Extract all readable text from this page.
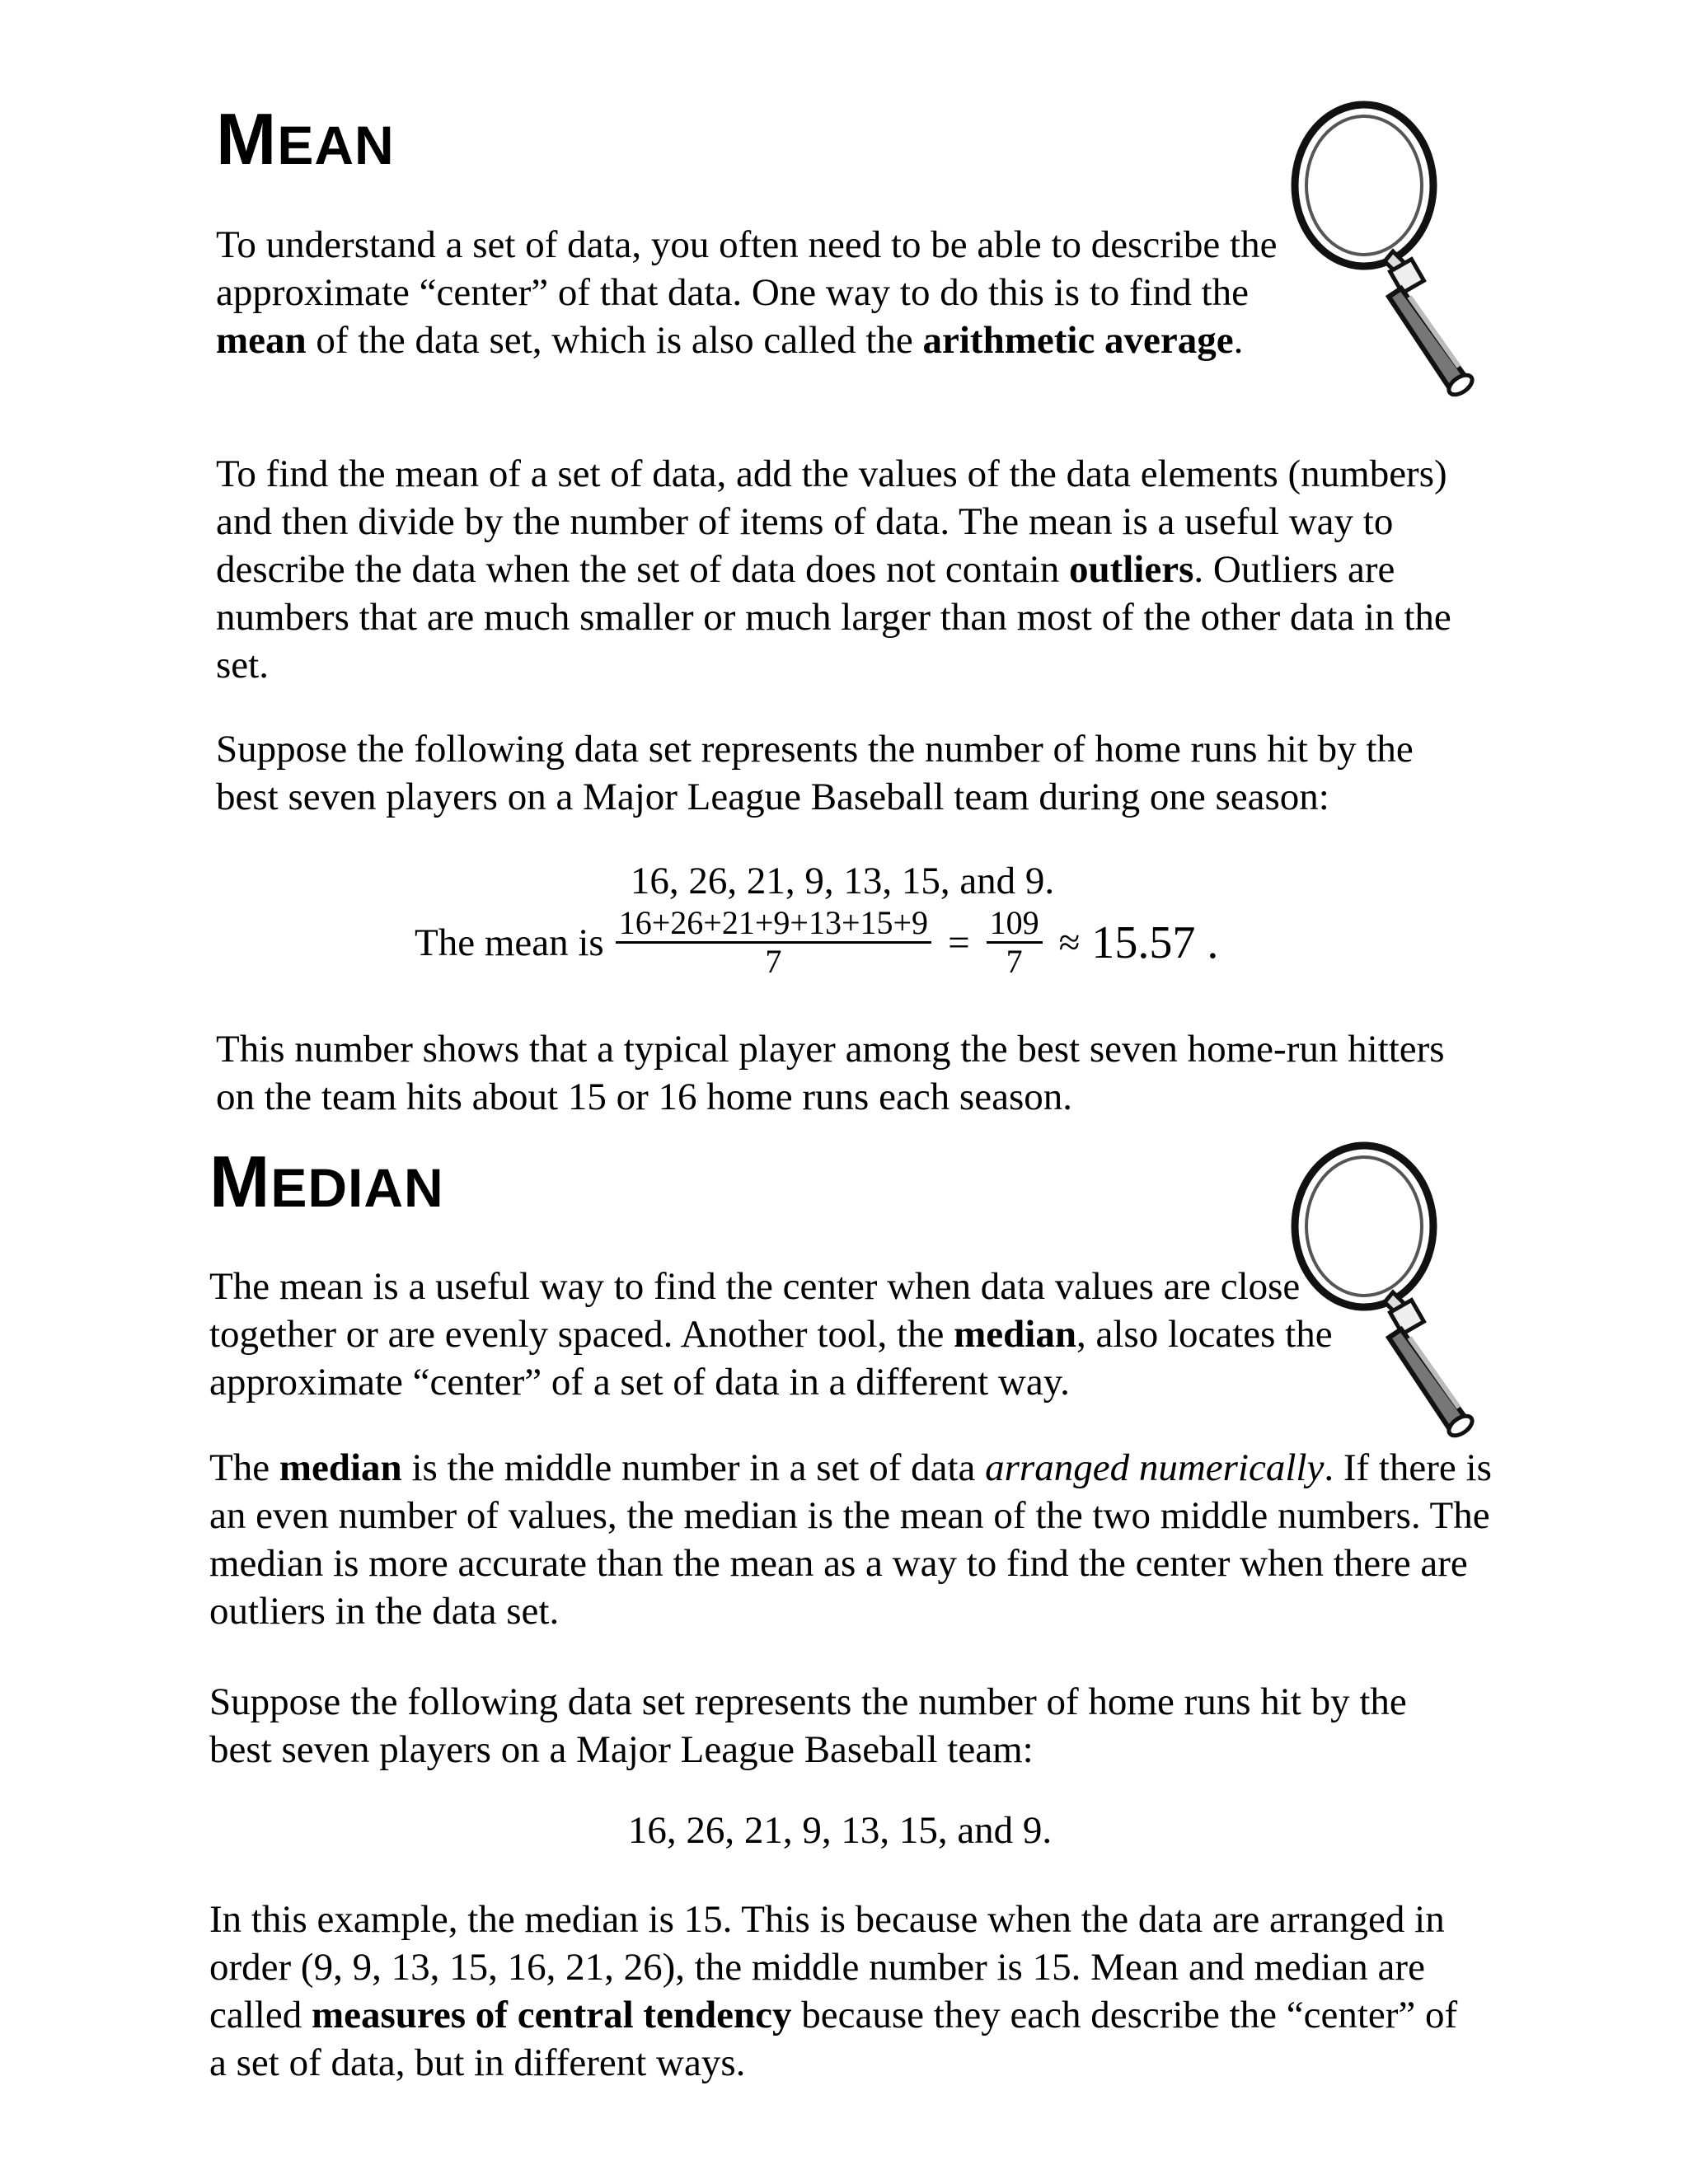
MEAN

To understand a set of data, you often need to be able to describe the approximate “center” of that data. One way to do this is to find the mean of the data set, which is also called the arithmetic average.

To find the mean of a set of data, add the values of the data elements (numbers) and then divide by the number of items of data. The mean is a useful way to describe the data when the set of data does not contain outliers. Outliers are numbers that are much smaller or much larger than most of the other data in the set.

Suppose the following data set represents the number of home runs hit by the best seven players on a Major League Baseball team during one season:

16, 26, 21, 9, 13, 15, and 9.

The mean is $\frac{16+26+21+9+13+15+9}{7} = \frac{109}{7} \approx 15.57$ .

This number shows that a typical player among the best seven home-run hitters on the team hits about 15 or 16 home runs each season.

MEDIAN

The mean is a useful way to find the center when data values are close together or are evenly spaced. Another tool, the median, also locates the approximate “center” of a set of data in a different way.

The median is the middle number in a set of data arranged numerically. If there is an even number of values, the median is the mean of the two middle numbers. The median is more accurate than the mean as a way to find the center when there are outliers in the data set.

Suppose the following data set represents the number of home runs hit by the best seven players on a Major League Baseball team:

16, 26, 21, 9, 13, 15, and 9.

In this example, the median is 15. This is because when the data are arranged in order (9, 9, 13, 15, 16, 21, 26), the middle number is 15. Mean and median are called measures of central tendency because they each describe the “center” of a set of data, but in different ways.
